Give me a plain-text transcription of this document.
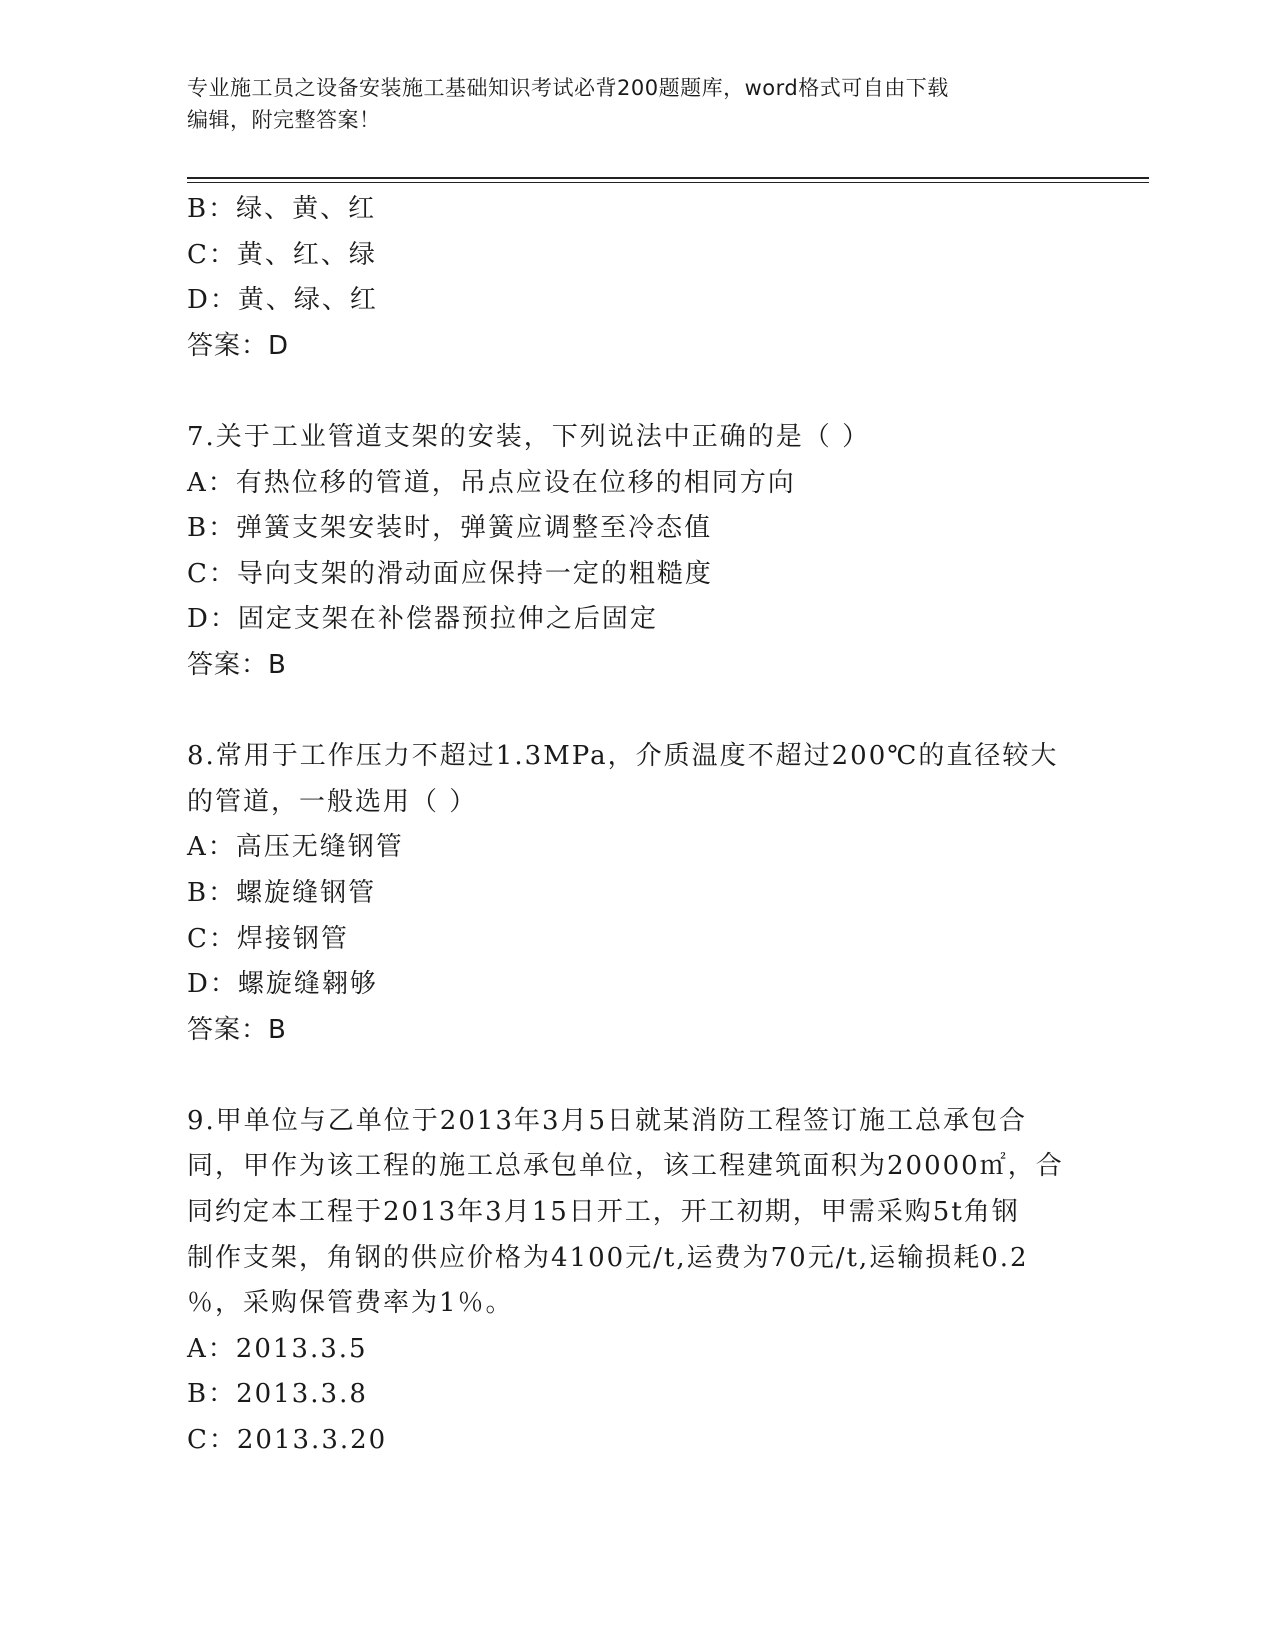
专业施工员之设备安装施工基础知识考试必背200题题库，word格式可自由下载
编辑，附完整答案！
B：绿、黄、红
C：黄、红、绿
D：黄、绿、红
答案：D
7.关于工业管道支架的安装，下列说法中正确的是（ ）
A：有热位移的管道，吊点应设在位移的相同方向
B：弹簧支架安装时，弹簧应调整至冷态值
C：导向支架的滑动面应保持一定的粗糙度
D：固定支架在补偿器预拉伸之后固定
答案：B
8.常用于工作压力不超过1.3MPa，介质温度不超过200℃的直径较大
的管道，一般选用（ ）
A：高压无缝钢管
B：螺旋缝钢管
C：焊接钢管
D：螺旋缝翱够
答案：B
9.甲单位与乙单位于2013年3月5日就某消防工程签订施工总承包合
同，甲作为该工程的施工总承包单位，该工程建筑面积为20000㎡，合
同约定本工程于2013年3月15日开工，开工初期，甲需采购5t角钢
制作支架，角钢的供应价格为4100元/t,运费为70元/t,运输损耗0.2
％，采购保管费率为1％。
A：2013.3.5
B：2013.3.8
C：2013.3.20
